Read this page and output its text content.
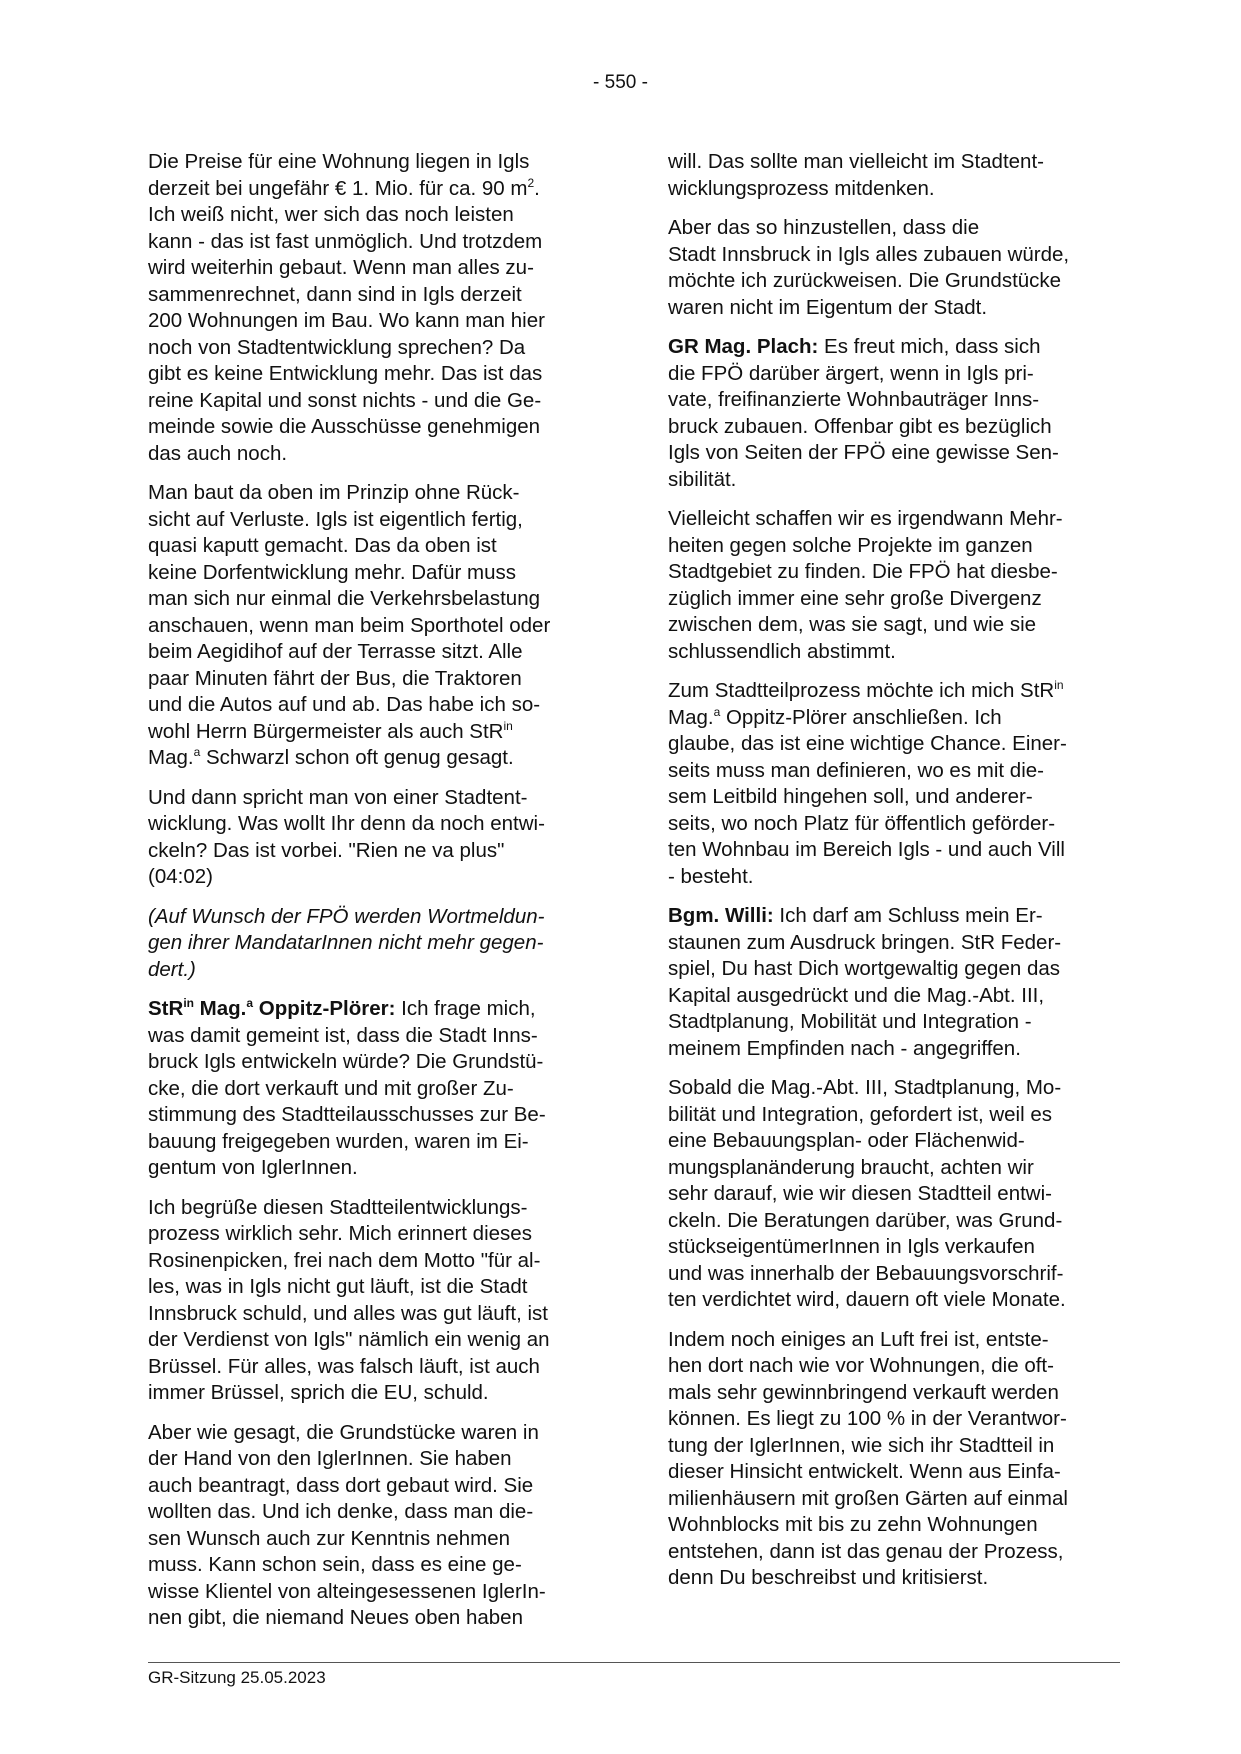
- 550 -

Die Preise für eine Wohnung liegen in Igls
derzeit bei ungefähr € 1. Mio. für ca. 90 $m^2$.
Ich weiß nicht, wer sich das noch leisten
kann - das ist fast unmöglich. Und trotzdem
wird weiterhin gebaut. Wenn man alles zu-
sammenrechnet, dann sind in Igls derzeit
200 Wohnungen im Bau. Wo kann man hier
noch von Stadtentwicklung sprechen? Da
gibt es keine Entwicklung mehr. Das ist das
reine Kapital und sonst nichts - und die Ge-
meinde sowie die Ausschüsse genehmigen
das auch noch.

Man baut da oben im Prinzip ohne Rück-
sicht auf Verluste. Igls ist eigentlich fertig,
quasi kaputt gemacht. Das da oben ist
keine Dorfentwicklung mehr. Dafür muss
man sich nur einmal die Verkehrsbelastung
anschauen, wenn man beim Sporthotel oder
beim Aegidihof auf der Terrasse sitzt. Alle
paar Minuten fährt der Bus, die Traktoren
und die Autos auf und ab. Das habe ich so-
wohl Herrn Bürgermeister als auch StR$^{in}$
Mag.$^a$ Schwarzl schon oft genug gesagt.

Und dann spricht man von einer Stadtent-
wicklung. Was wollt Ihr denn da noch entwi-
ckeln? Das ist vorbei. "Rien ne va plus"
(04:02)

(Auf Wunsch der FPÖ werden Wortmeldun-
gen ihrer MandatarInnen nicht mehr gegen-
dert.)

StR$^{in}$ Mag.$^a$ Oppitz-Plörer: Ich frage mich,
was damit gemeint ist, dass die Stadt Inns-
bruck Igls entwickeln würde? Die Grundstü-
cke, die dort verkauft und mit großer Zu-
stimmung des Stadtteilausschusses zur Be-
bauung freigegeben wurden, waren im Ei-
gentum von IglerInnen.

Ich begrüße diesen Stadtteilentwicklungs-
prozess wirklich sehr. Mich erinnert dieses
Rosinenpicken, frei nach dem Motto "für al-
les, was in Igls nicht gut läuft, ist die Stadt
Innsbruck schuld, und alles was gut läuft, ist
der Verdienst von Igls" nämlich ein wenig an
Brüssel. Für alles, was falsch läuft, ist auch
immer Brüssel, sprich die EU, schuld.

Aber wie gesagt, die Grundstücke waren in
der Hand von den IglerInnen. Sie haben
auch beantragt, dass dort gebaut wird. Sie
wollten das. Und ich denke, dass man die-
sen Wunsch auch zur Kenntnis nehmen
muss. Kann schon sein, dass es eine ge-
wisse Klientel von alteingesessenen IglerIn-
nen gibt, die niemand Neues oben haben

will. Das sollte man vielleicht im Stadtent-
wicklungsprozess mitdenken.

Aber das so hinzustellen, dass die
Stadt Innsbruck in Igls alles zubauen würde,
möchte ich zurückweisen. Die Grundstücke
waren nicht im Eigentum der Stadt.

GR Mag. Plach: Es freut mich, dass sich
die FPÖ darüber ärgert, wenn in Igls pri-
vate, freifinanzierte Wohnbauträger Inns-
bruck zubauen. Offenbar gibt es bezüglich
Igls von Seiten der FPÖ eine gewisse Sen-
sibilität.

Vielleicht schaffen wir es irgendwann Mehr-
heiten gegen solche Projekte im ganzen
Stadtgebiet zu finden. Die FPÖ hat diesbe-
züglich immer eine sehr große Divergenz
zwischen dem, was sie sagt, und wie sie
schlussendlich abstimmt.

Zum Stadtteilprozess möchte ich mich StR$^{in}$
Mag.$^a$ Oppitz-Plörer anschließen. Ich
glaube, das ist eine wichtige Chance. Einer-
seits muss man definieren, wo es mit die-
sem Leitbild hingehen soll, und anderer-
seits, wo noch Platz für öffentlich geförder-
ten Wohnbau im Bereich Igls - und auch Vill
- besteht.

Bgm. Willi: Ich darf am Schluss mein Er-
staunen zum Ausdruck bringen. StR Feder-
spiel, Du hast Dich wortgewaltig gegen das
Kapital ausgedrückt und die Mag.-Abt. III,
Stadtplanung, Mobilität und Integration -
meinem Empfinden nach - angegriffen.

Sobald die Mag.-Abt. III, Stadtplanung, Mo-
bilität und Integration, gefordert ist, weil es
eine Bebauungsplan- oder Flächenwid-
mungsplanänderung braucht, achten wir
sehr darauf, wie wir diesen Stadtteil entwi-
ckeln. Die Beratungen darüber, was Grund-
stückseigentümerInnen in Igls verkaufen
und was innerhalb der Bebauungsvorschrif-
ten verdichtet wird, dauern oft viele Monate.

Indem noch einiges an Luft frei ist, entste-
hen dort nach wie vor Wohnungen, die oft-
mals sehr gewinnbringend verkauft werden
können. Es liegt zu 100 % in der Verantwor-
tung der IglerInnen, wie sich ihr Stadtteil in
dieser Hinsicht entwickelt. Wenn aus Einfa-
milienhäusern mit großen Gärten auf einmal
Wohnblocks mit bis zu zehn Wohnungen
entstehen, dann ist das genau der Prozess,
denn Du beschreibst und kritisierst.

GR-Sitzung 25.05.2023
